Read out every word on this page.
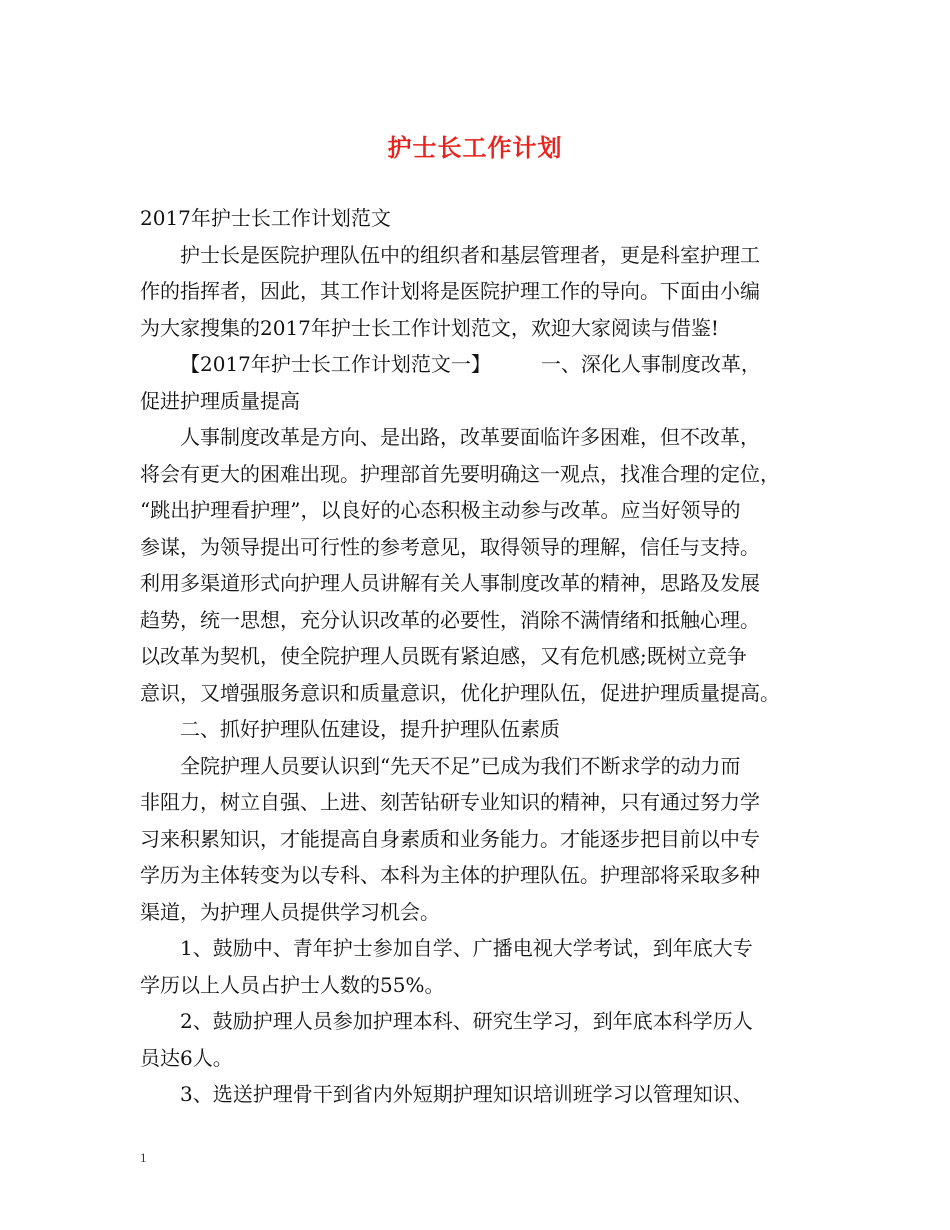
护士长工作计划
2017年护士长工作计划范文
护士长是医院护理队伍中的组织者和基层管理者，更是科室护理工
作的指挥者，因此，其工作计划将是医院护理工作的导向。下面由小编
为大家搜集的2017年护士长工作计划范文，欢迎大家阅读与借鉴!
【2017年护士长工作计划范文一】　　　一、深化人事制度改革，
促进护理质量提高
人事制度改革是方向、是出路，改革要面临许多困难，但不改革，
将会有更大的困难出现。护理部首先要明确这一观点，找准合理的定位，
“跳出护理看护理”，以良好的心态积极主动参与改革。应当好领导的
参谋，为领导提出可行性的参考意见，取得领导的理解，信任与支持。
利用多渠道形式向护理人员讲解有关人事制度改革的精神，思路及发展
趋势，统一思想，充分认识改革的必要性，消除不满情绪和抵触心理。
以改革为契机，使全院护理人员既有紧迫感，又有危机感;既树立竞争
意识，又增强服务意识和质量意识，优化护理队伍，促进护理质量提高。
二、抓好护理队伍建设，提升护理队伍素质
全院护理人员要认识到“先天不足”已成为我们不断求学的动力而
非阻力，树立自强、上进、刻苦钻研专业知识的精神，只有通过努力学
习来积累知识，才能提高自身素质和业务能力。才能逐步把目前以中专
学历为主体转变为以专科、本科为主体的护理队伍。护理部将采取多种
渠道，为护理人员提供学习机会。
1、鼓励中、青年护士参加自学、广播电视大学考试，到年底大专
学历以上人员占护士人数的55%。
2、鼓励护理人员参加护理本科、研究生学习，到年底本科学历人
员达6人。
3、选送护理骨干到省内外短期护理知识培训班学习以管理知识、
1
